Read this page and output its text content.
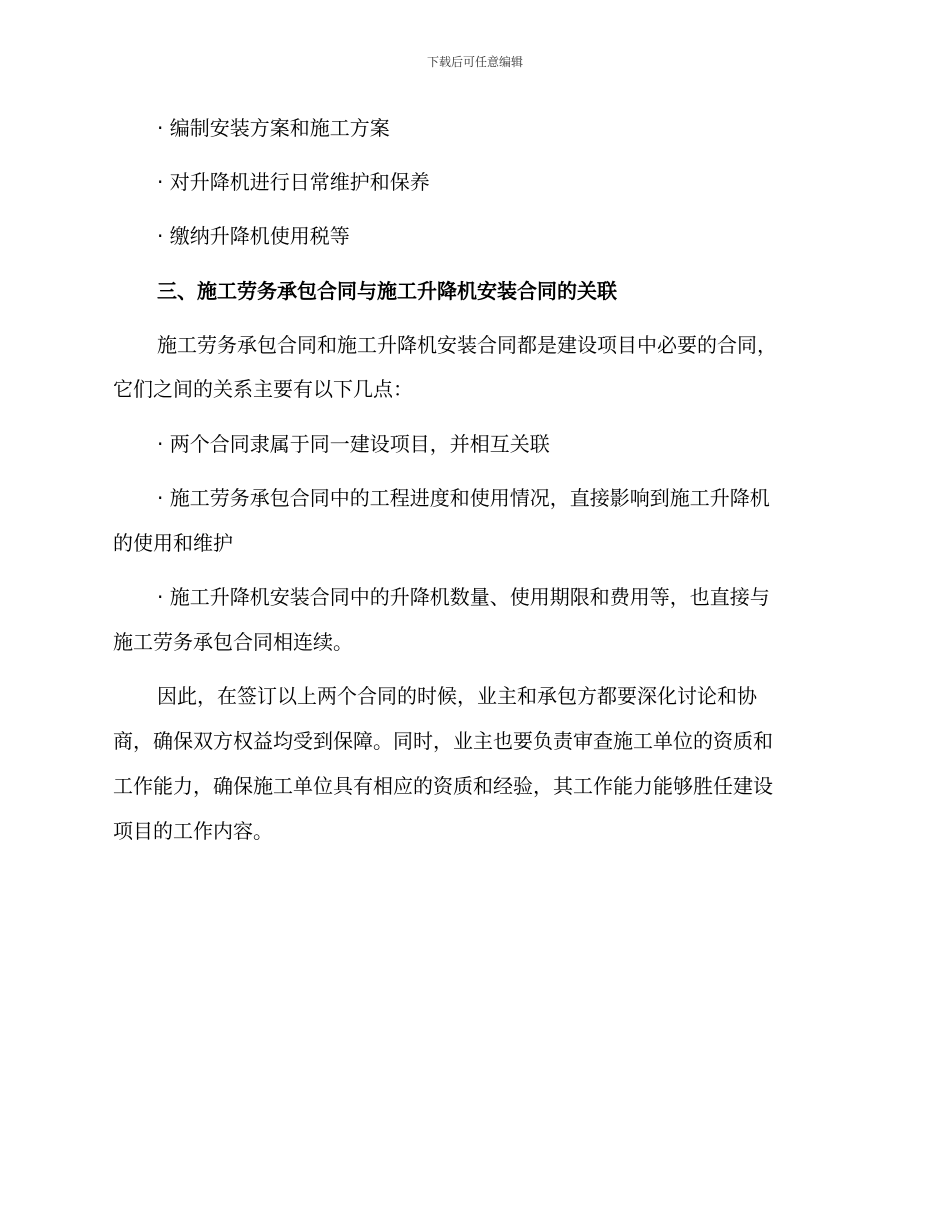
下载后可任意编辑

· 编制安装方案和施工方案

· 对升降机进行日常维护和保养

· 缴纳升降机使用税等

三、施工劳务承包合同与施工升降机安装合同的关联

施工劳务承包合同和施工升降机安装合同都是建设项目中必要的合同，

它们之间的关系主要有以下几点：

· 两个合同隶属于同一建设项目，并相互关联

· 施工劳务承包合同中的工程进度和使用情况，直接影响到施工升降机

的使用和维护

· 施工升降机安装合同中的升降机数量、使用期限和费用等，也直接与

施工劳务承包合同相连续。

因此，在签订以上两个合同的时候，业主和承包方都要深化讨论和协

商，确保双方权益均受到保障。同时，业主也要负责审查施工单位的资质和

工作能力，确保施工单位具有相应的资质和经验，其工作能力能够胜任建设

项目的工作内容。
